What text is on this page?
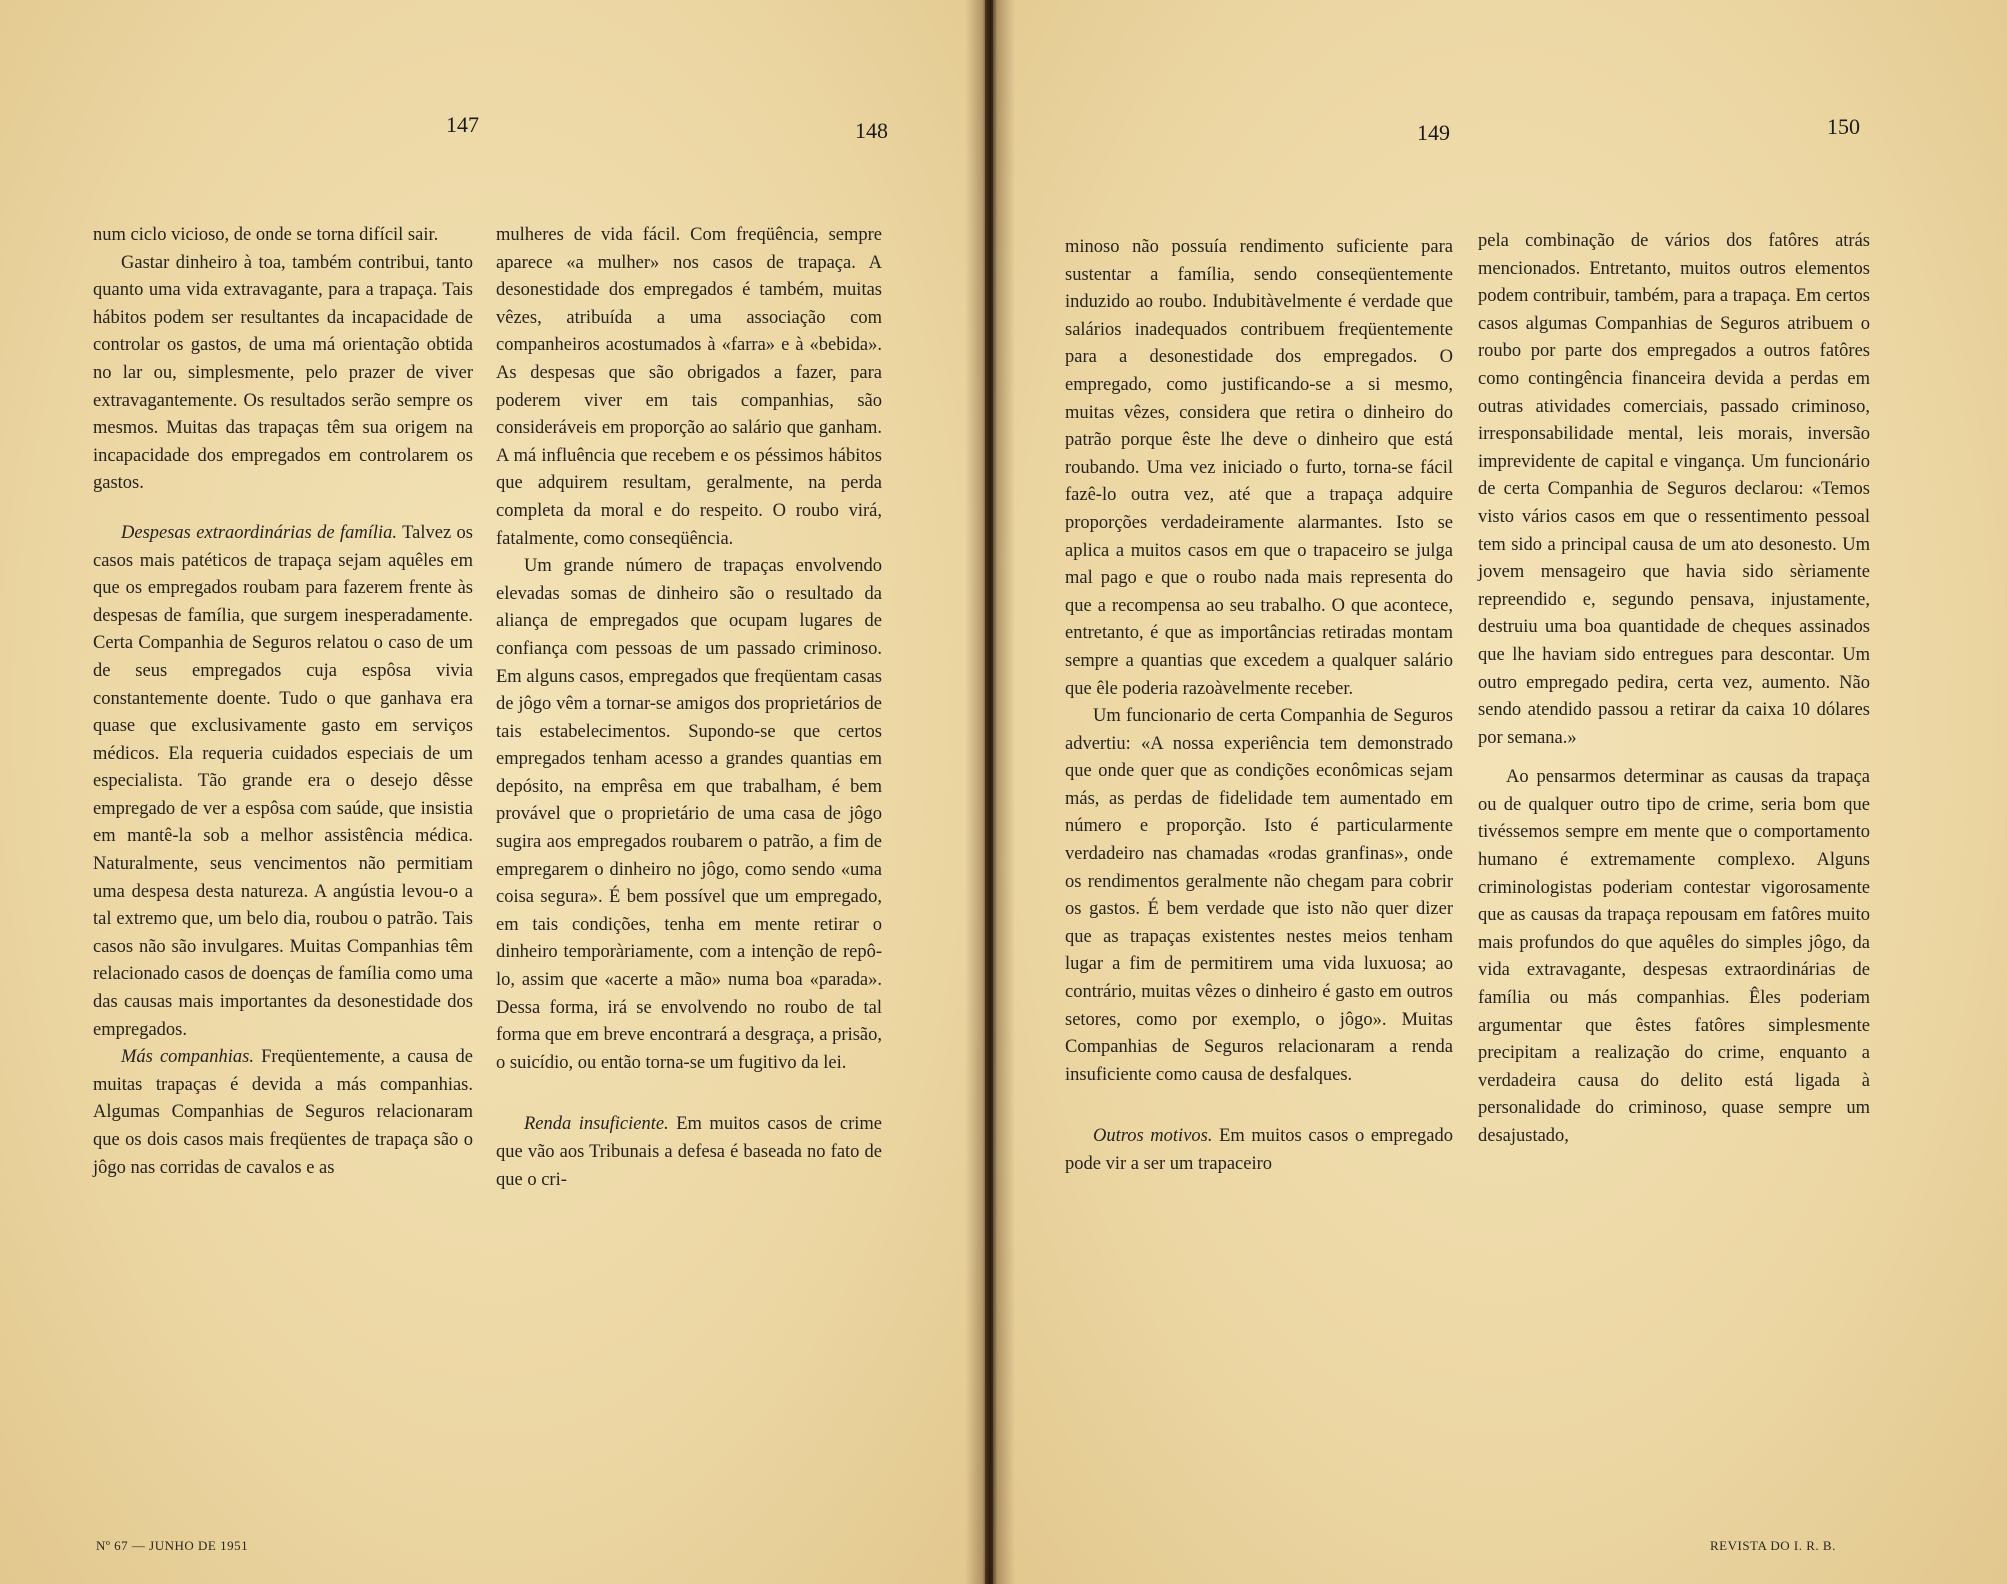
147	148

num ciclo vicioso, de onde se torna difícil sair.

Gastar dinheiro à toa, também contribui, tanto quanto uma vida extravagante, para a trapaça. Tais hábitos podem ser resultantes da incapacidade de controlar os gastos, de uma má orientação obtida no lar ou, simplesmente, pelo prazer de viver extravagantemente. Os resultados serão sempre os mesmos. Muitas das trapaças têm sua origem na incapacidade dos empregados em controlarem os gastos.

Despesas extraordinárias de família. Talvez os casos mais patéticos de trapaça sejam aquêles em que os empregados roubam para fazerem frente às despesas de família, que surgem inesperadamente. Certa Companhia de Seguros relatou o caso de um de seus empregados cuja espôsa vivia constantemente doente. Tudo o que ganhava era quase que exclusivamente gasto em serviços médicos. Ela requeria cuidados especiais de um especialista. Tão grande era o desejo dêsse empregado de ver a espôsa com saúde, que insistia em mantê-la sob a melhor assistência médica. Naturalmente, seus vencimentos não permitiam uma despesa desta natureza. A angústia levou-o a tal extremo que, um belo dia, roubou o patrão. Tais casos não são invulgares. Muitas Companhias têm relacionado casos de doenças de família como uma das causas mais importantes da desonestidade dos empregados.

Más companhias. Freqüentemente, a causa de muitas trapaças é devida a más companhias. Algumas Companhias de Seguros relacionaram que os dois casos mais freqüentes de trapaça são o jôgo nas corridas de cavalos e as

mulheres de vida fácil. Com freqüência, sempre aparece «a mulher» nos casos de trapaça. A desonestidade dos empregados é também, muitas vêzes, atribuída a uma associação com companheiros acostumados à «farra» e à «bebida». As despesas que são obrigados a fazer, para poderem viver em tais companhias, são consideráveis em proporção ao salário que ganham. A má influência que recebem e os péssimos hábitos que adquirem resultam, geralmente, na perda completa da moral e do respeito. O roubo virá, fatalmente, como conseqüência.

Um grande número de trapaças envolvendo elevadas somas de dinheiro são o resultado da aliança de empregados que ocupam lugares de confiança com pessoas de um passado criminoso. Em alguns casos, empregados que freqüentam casas de jôgo vêm a tornar-se amigos dos proprietários de tais estabelecimentos. Supondo-se que certos empregados tenham acesso a grandes quantias em depósito, na emprêsa em que trabalham, é bem provável que o proprietário de uma casa de jôgo sugira aos empregados roubarem o patrão, a fim de empregarem o dinheiro no jôgo, como sendo «uma coisa segura». É bem possível que um empregado, em tais condições, tenha em mente retirar o dinheiro temporàriamente, com a intenção de repô-lo, assim que «acerte a mão» numa boa «parada». Dessa forma, irá se envolvendo no roubo de tal forma que em breve encontrará a desgraça, a prisão, o suicídio, ou então torna-se um fugitivo da lei.

Renda insuficiente. Em muitos casos de crime que vão aos Tribunais a defesa é baseada no fato de que o cri-

Nº 67 — JUNHO DE 1951
149	150

minoso não possuía rendimento suficiente para sustentar a família, sendo conseqüentemente induzido ao roubo. Indubitàvelmente é verdade que salários inadequados contribuem freqüentemente para a desonestidade dos empregados. O empregado, como justificando-se a si mesmo, muitas vêzes, considera que retira o dinheiro do patrão porque êste lhe deve o dinheiro que está roubando. Uma vez iniciado o furto, torna-se fácil fazê-lo outra vez, até que a trapaça adquire proporções verdadeiramente alarmantes. Isto se aplica a muitos casos em que o trapaceiro se julga mal pago e que o roubo nada mais representa do que a recompensa ao seu trabalho. O que acontece, entretanto, é que as importâncias retiradas montam sempre a quantias que excedem a qualquer salário que êle poderia razoàvelmente receber.

Um funcionario de certa Companhia de Seguros advertiu: «A nossa experiência tem demonstrado que onde quer que as condições econômicas sejam más, as perdas de fidelidade tem aumentado em número e proporção. Isto é particularmente verdadeiro nas chamadas «rodas granfinas», onde os rendimentos geralmente não chegam para cobrir os gastos. É bem verdade que isto não quer dizer que as trapaças existentes nestes meios tenham lugar a fim de permitirem uma vida luxuosa; ao contrário, muitas vêzes o dinheiro é gasto em outros setores, como por exemplo, o jôgo». Muitas Companhias de Seguros relacionaram a renda insuficiente como causa de desfalques.

Outros motivos. Em muitos casos o empregado pode vir a ser um trapaceiro

pela combinação de vários dos fatôres atrás mencionados. Entretanto, muitos outros elementos podem contribuir, também, para a trapaça. Em certos casos algumas Companhias de Seguros atribuem o roubo por parte dos empregados a outros fatôres como contingência financeira devida a perdas em outras atividades comerciais, passado criminoso, irresponsabilidade mental, leis morais, inversão imprevidente de capital e vingança. Um funcionário de certa Companhia de Seguros declarou: «Temos visto vários casos em que o ressentimento pessoal tem sido a principal causa de um ato desonesto. Um jovem mensageiro que havia sido sèriamente repreendido e, segundo pensava, injustamente, destruiu uma boa quantidade de cheques assinados que lhe haviam sido entregues para descontar. Um outro empregado pedira, certa vez, aumento. Não sendo atendido passou a retirar da caixa 10 dólares por semana.»

Ao pensarmos determinar as causas da trapaça ou de qualquer outro tipo de crime, seria bom que tivéssemos sempre em mente que o comportamento humano é extremamente complexo. Alguns criminologistas poderiam contestar vigorosamente que as causas da trapaça repousam em fatôres muito mais profundos do que aquêles do simples jôgo, da vida extravagante, despesas extraordinárias de família ou más companhias. Êles poderiam argumentar que êstes fatôres simplesmente precipitam a realização do crime, enquanto a verdadeira causa do delito está ligada à personalidade do criminoso, quase sempre um desajustado,

REVISTA DO I. R. B.
